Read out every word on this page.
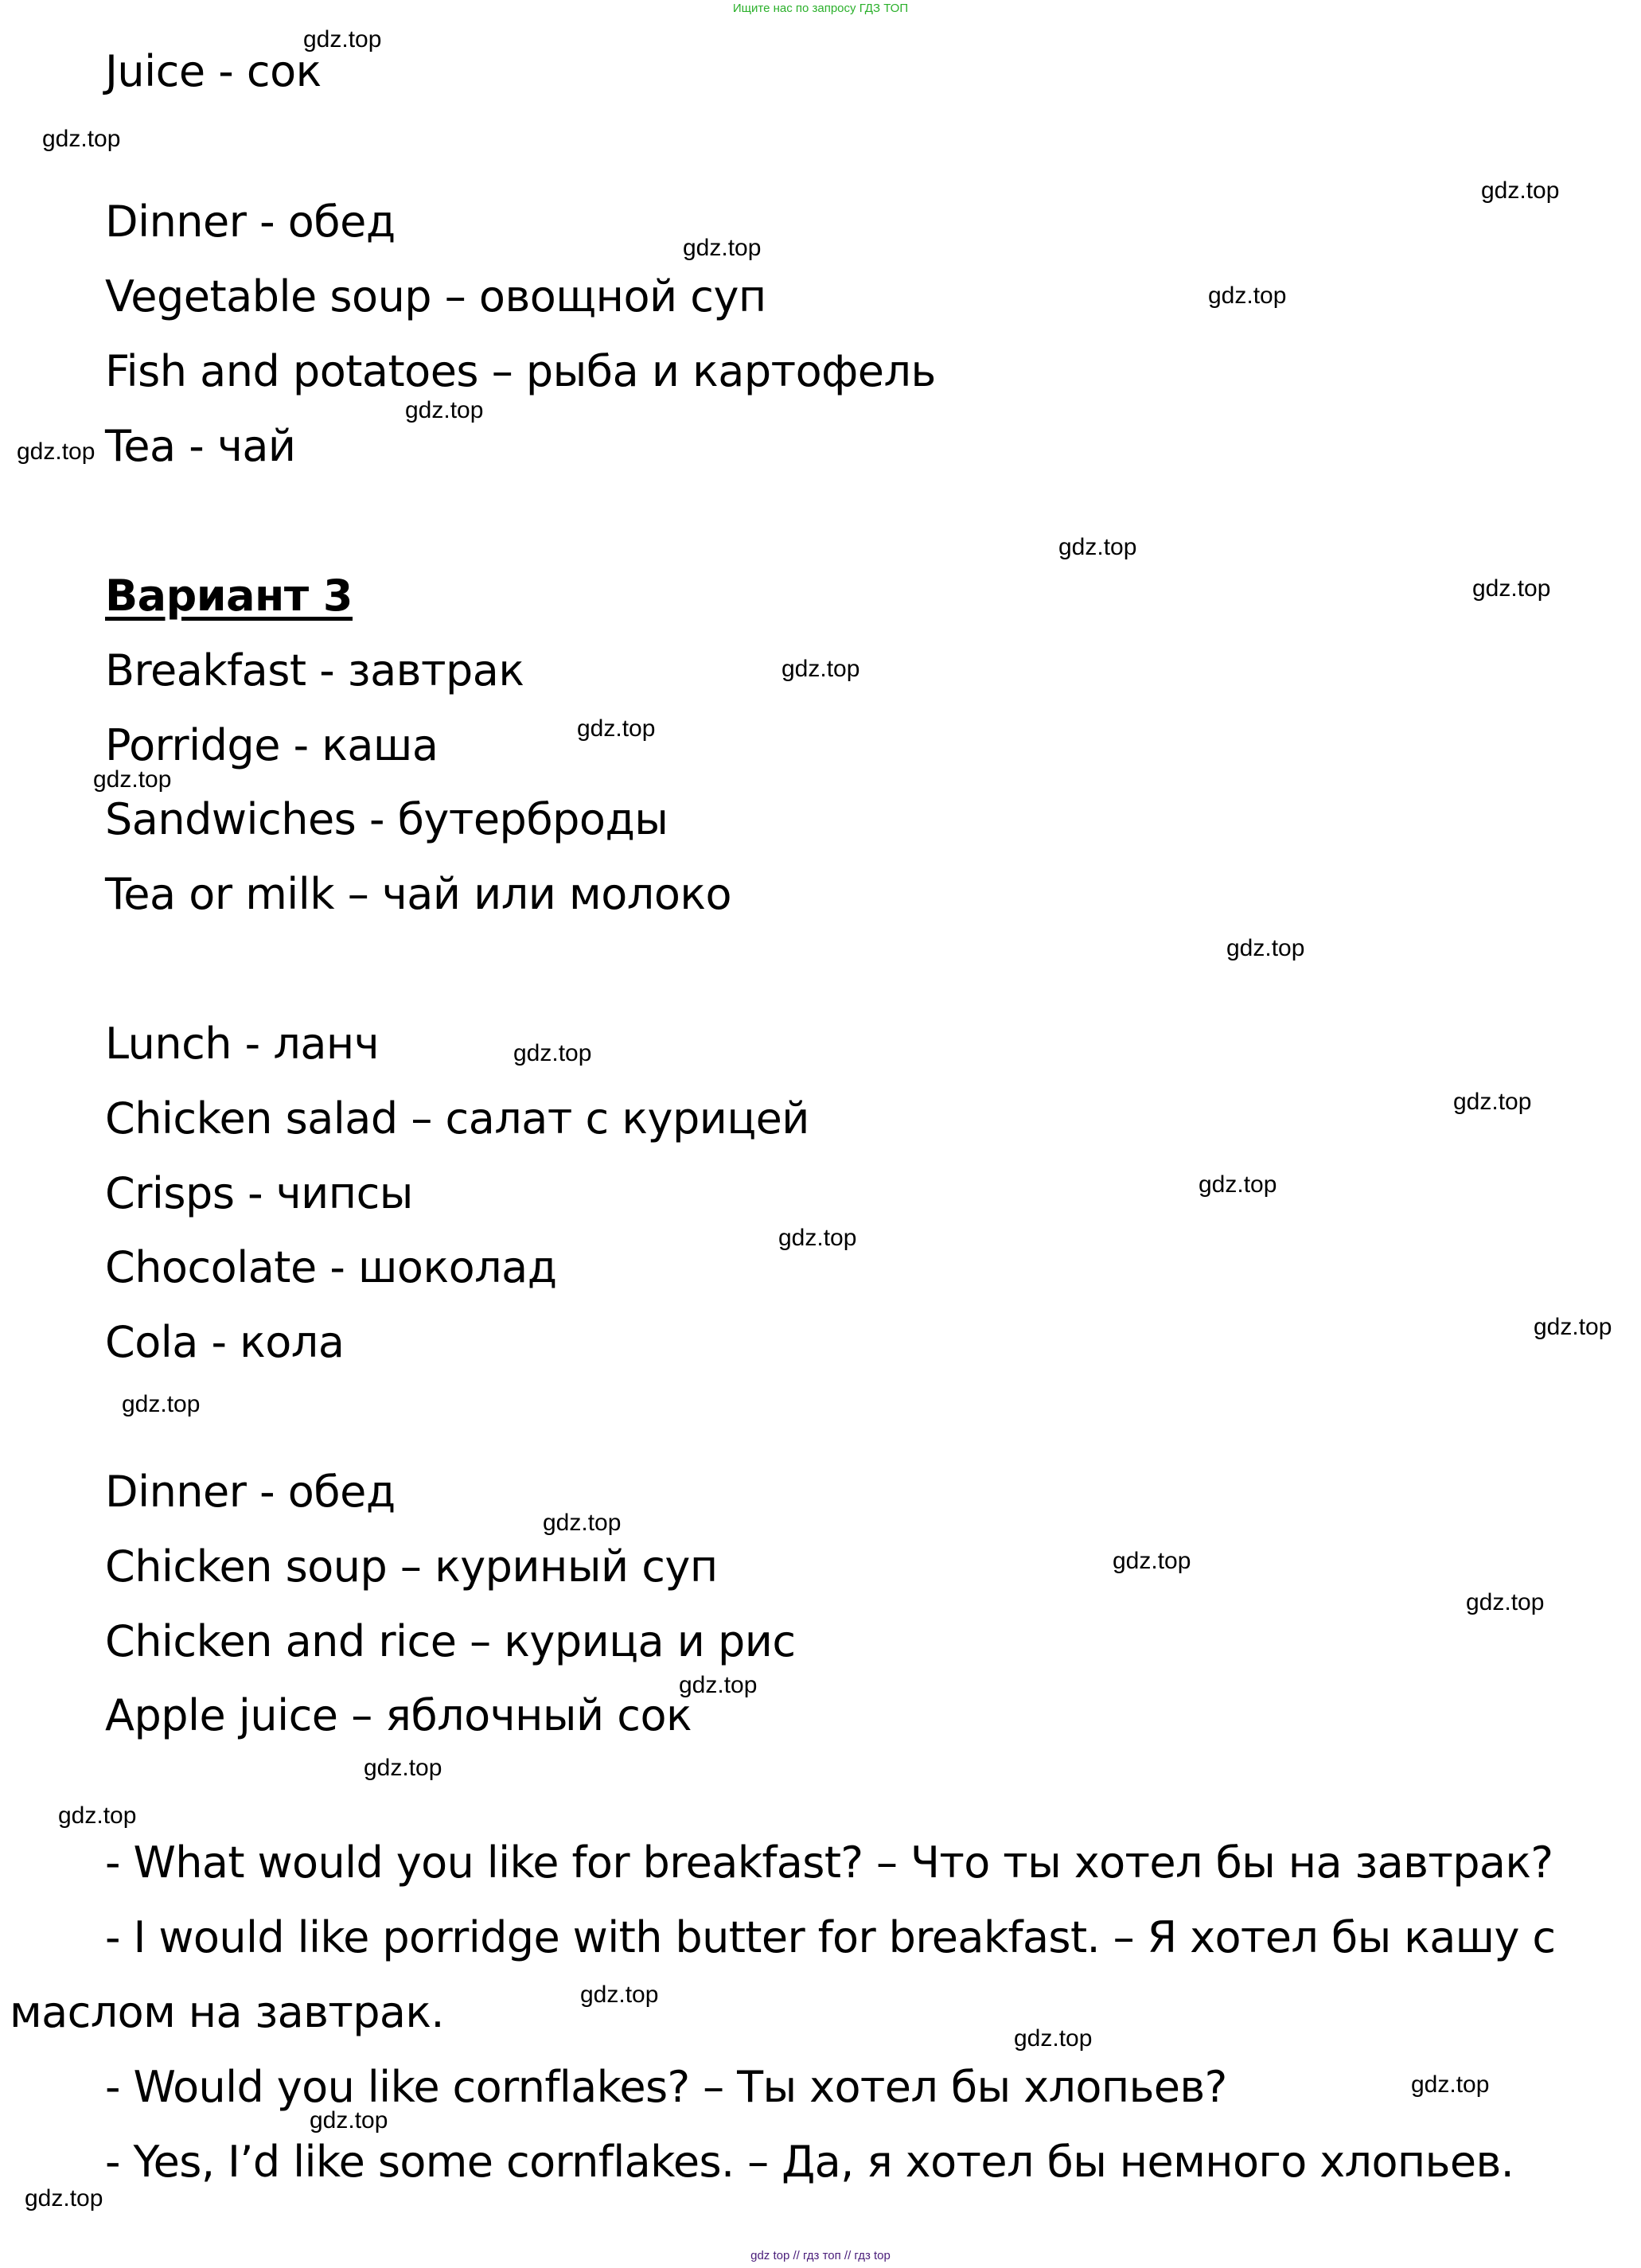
Ищите нас по запросу ГДЗ ТОП
Juice - сок
Dinner - обед
Vegetable soup – овощной суп
Fish and potatoes – рыба и картофель
Tea - чай
Вариант 3
Breakfast - завтрак
Porridge - каша
Sandwiches - бутерброды
Tea or milk – чай или молоко
Lunch - ланч
Chicken salad – салат с курицей
Crisps - чипсы
Chocolate - шоколад
Cola - кола
Dinner - обед
Chicken soup – куриный суп
Chicken and rice – курица и рис
Apple juice – яблочный сок

- What would you like for breakfast? – Что ты хотел бы на завтрак?

- I would like porridge with butter for breakfast. – Я хотел бы кашу с маслом на завтрак.

- Would you like cornflakes? – Ты хотел бы хлопьев?

- Yes, I’d like some cornflakes. – Да, я хотел бы немного хлопьев.

gdz.top
gdz.top
gdz.top
gdz.top
gdz.top
gdz.top
gdz.top
gdz.top
gdz.top
gdz.top
gdz.top
gdz.top
gdz.top
gdz.top
gdz.top
gdz.top
gdz.top
gdz.top
gdz.top
gdz.top
gdz.top
gdz.top
gdz.top
gdz.top
gdz.top
gdz.top
gdz.top
gdz.top
gdz.top
gdz.top
gdz top // гдз топ // гдз top
